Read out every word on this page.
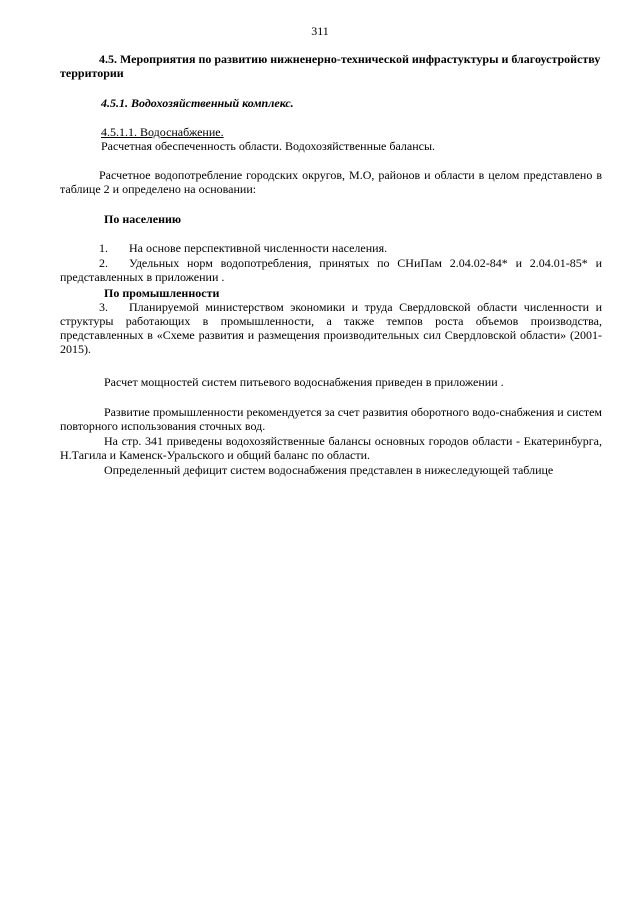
311
4.5. Мероприятия по развитию нижненерно-технической инфрастуктуры и благоустройству территории
4.5.1. Водохозяйственный комплекс.
4.5.1.1. Водоснабжение.
Расчетная обеспеченность области. Водохозяйственные балансы.
Расчетное водопотребление городских округов, М.О, районов и области в целом представлено в таблице 2 и определено на основании:
По населению
1. На основе перспективной численности населения.
2. Удельных норм водопотребления, принятых по СНиПам 2.04.02-84* и 2.04.01-85* и представленных в приложении .
По промышленности
3. Планируемой министерством экономики и труда Свердловской области численности и структуры работающих в промышленности, а также темпов роста объемов производства, представленных в «Схеме развития и размещения производительных сил Свердловской области» (2001-2015).
Расчет мощностей систем питьевого водоснабжения приведен в приложении .
Развитие промышленности рекомендуется за счет развития оборотного водо-снабжения и систем повторного использования сточных вод.
На стр. 341 приведены водохозяйственные балансы основных городов области - Екатеринбурга, Н.Тагила и Каменск-Уральского и общий баланс по области.
Определенный дефицит систем водоснабжения представлен в нижеследующей таблице
